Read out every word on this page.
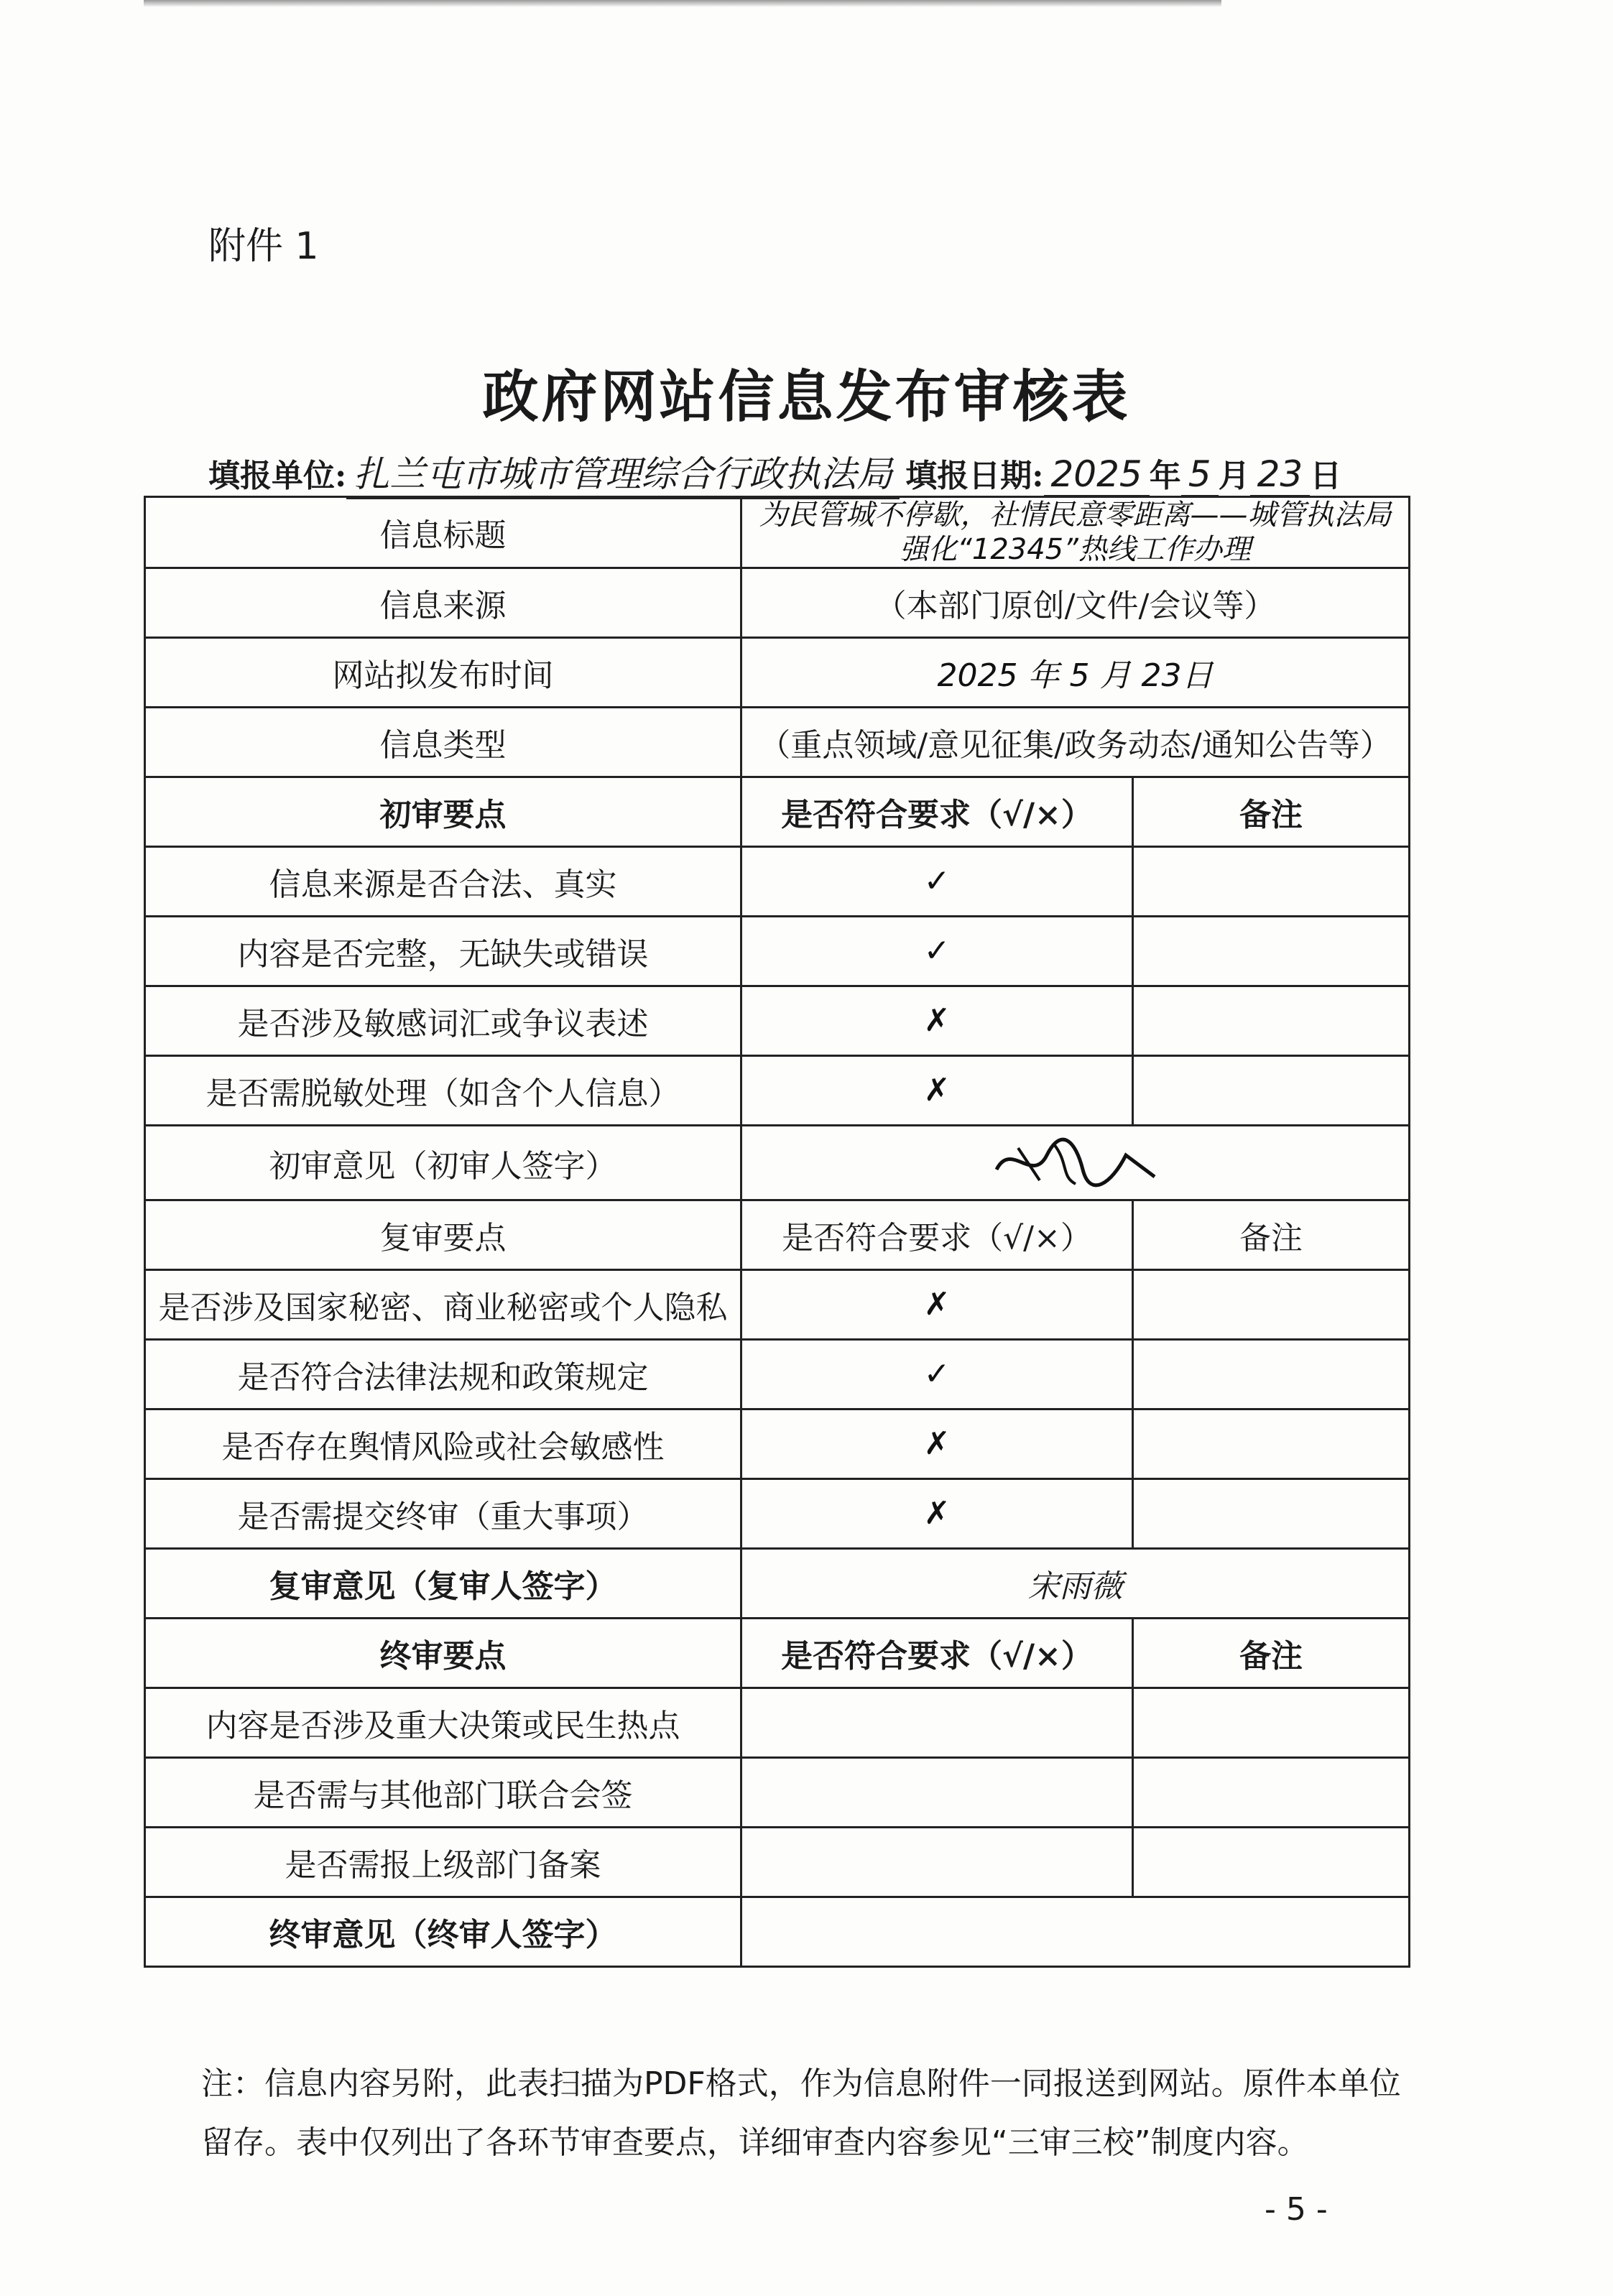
附件 1
政府网站信息发布审核表
填报单位: 扎兰屯市城市管理综合行政执法局 填报日期: 2025 年 5 月 23 日
信息标题	为民管城不停歇，社情民意零距离——城管执法局强化“12345”热线工作办理	
信息来源	（本部门原创/文件/会议等）	
网站拟发布时间	2025 年 5 月 23日	
信息类型	（重点领域/意见征集/政务动态/通知公告等）	
初审要点	是否符合要求（√/×）	备注
信息来源是否合法、真实	✓	
内容是否完整，无缺失或错误	✓	
是否涉及敏感词汇或争议表述	✗	
是否需脱敏处理（如含个人信息）	✗	
初审意见（初审人签字）	
复审要点	是否符合要求（√/×）	备注
是否涉及国家秘密、商业秘密或个人隐私	✗	
是否符合法律法规和政策规定	✓	
是否存在舆情风险或社会敏感性	✗	
是否需提交终审（重大事项）	✗	
复审意见（复审人签字）	宋雨薇	
终审要点	是否符合要求（√/×）	备注
内容是否涉及重大决策或民生热点		
是否需与其他部门联合会签		
是否需报上级部门备案		
终审意见（终审人签字）		
注：信息内容另附，此表扫描为PDF格式，作为信息附件一同报送到网站。原件本单位留存。表中仅列出了各环节审查要点，详细审查内容参见“三审三校”制度内容。
- 5 -
